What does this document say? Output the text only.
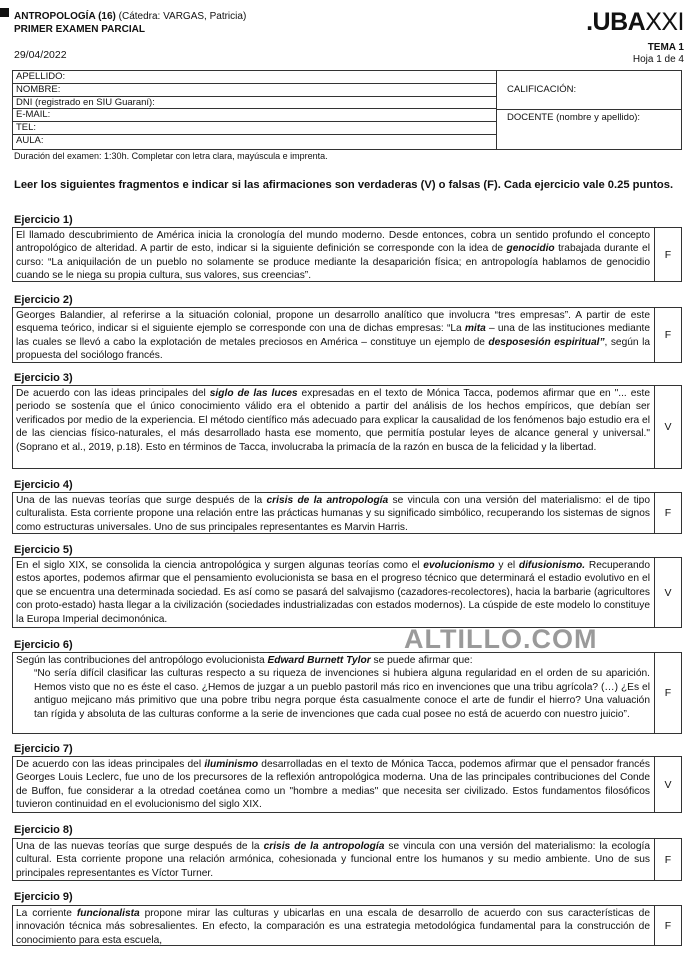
ANTROPOLOGÍA (16) (Cátedra: VARGAS, Patricia)
PRIMER EXAMEN PARCIAL
29/04/2022
.UBAXXI
TEMA 1
Hoja 1 de 4
APELLIDO:
NOMBRE:
DNI (registrado en SIU Guaraní):
E-MAIL:
TEL:
AULA:
CALIFICACIÓN:
DOCENTE (nombre y apellido):
Duración del examen: 1:30h. Completar con letra clara, mayúscula e imprenta.
Leer los siguientes fragmentos e indicar si las afirmaciones son verdaderas (V) o falsas (F). Cada ejercicio vale 0.25 puntos.
Ejercicio 1)
El llamado descubrimiento de América inicia la cronología del mundo moderno. Desde entonces, cobra un sentido profundo el concepto antropológico de alteridad. A partir de esto, indicar si la siguiente definición se corresponde con la idea de genocidio trabajada durante el curso: “La aniquilación de un pueblo no solamente se produce mediante la desaparición física; en antropología hablamos de genocidio cuando se le niega su propia cultura, sus valores, sus creencias”.
F
Ejercicio 2)
Georges Balandier, al referirse a la situación colonial, propone un desarrollo analítico que involucra “tres empresas”. A partir de este esquema teórico, indicar si el siguiente ejemplo se corresponde con una de dichas empresas: “La mita – una de las instituciones mediante las cuales se llevó a cabo la explotación de metales preciosos en América – constituye un ejemplo de desposesión espiritual”, según la propuesta del sociólogo francés.
F
Ejercicio 3)
De acuerdo con las ideas principales del siglo de las luces expresadas en el texto de Mónica Tacca, podemos afirmar que en "... este periodo se sostenía que el único conocimiento válido era el obtenido a partir del análisis de los hechos empíricos, que debían ser verificados por medio de la experiencia. El método científico más adecuado para explicar la causalidad de los fenómenos bajo estudio era el de las ciencias físico-naturales, el más desarrollado hasta ese momento, que permitía postular leyes de alcance general y universal." (Soprano et al., 2019, p.18). Esto en términos de Tacca, involucraba la primacía de la razón en busca de la felicidad y la libertad.
V
Ejercicio 4)
Una de las nuevas teorías que surge después de la crisis de la antropología se vincula con una versión del materialismo: el de tipo culturalista. Esta corriente propone una relación entre las prácticas humanas y su significado simbólico, recuperando los sistemas de signos como estructuras universales. Uno de sus principales representantes es Marvin Harris.
F
Ejercicio 5)
En el siglo XIX, se consolida la ciencia antropológica y surgen algunas teorías como el evolucionismo y el difusionismo. Recuperando estos aportes, podemos afirmar que el pensamiento evolucionista se basa en el progreso técnico que determinará el estadio evolutivo en el que se encuentra una determinada sociedad. Es así como se pasará del salvajismo (cazadores-recolectores), hacia la barbarie (agricultores con proto-estado) hasta llegar a la civilización (sociedades industrializadas con estados modernos). La cúspide de este modelo lo constituye la Europa Imperial decimonónica.
V
Ejercicio 6)
Según las contribuciones del antropólogo evolucionista Edward Burnett Tylor se puede afirmar que:
“No sería difícil clasificar las culturas respecto a su riqueza de invenciones si hubiera alguna regularidad en el orden de su aparición. Hemos visto que no es éste el caso. ¿Hemos de juzgar a un pueblo pastoril más rico en invenciones que una tribu agrícola? (…) ¿Es el antiguo mejicano más primitivo que una pobre tribu negra porque ésta casualmente conoce el arte de fundir el hierro? Una valuación tan rígida y absoluta de las culturas conforme a la serie de invenciones que cada cual posee no está de acuerdo con nuestro juicio”.
F
Ejercicio 7)
De acuerdo con las ideas principales del iluminismo desarrolladas en el texto de Mónica Tacca, podemos afirmar que el pensador francés Georges Louis Leclerc, fue uno de los precursores de la reflexión antropológica moderna. Una de las principales contribuciones del Conde de Buffon, fue considerar a la otredad coetánea como un "hombre a medias" que necesita ser civilizado. Estos fundamentos filosóficos tuvieron continuidad en el evolucionismo del siglo XIX.
V
Ejercicio 8)
Una de las nuevas teorías que surge después de la crisis de la antropología se vincula con una versión del materialismo: la ecología cultural. Esta corriente propone una relación armónica, cohesionada y funcional entre los humanos y su medio ambiente. Uno de sus principales representantes es Víctor Turner.
F
Ejercicio 9)
La corriente funcionalista propone mirar las culturas y ubicarlas en una escala de desarrollo de acuerdo con sus características de innovación técnica más sobresalientes. En efecto, la comparación es una estrategia metodológica fundamental para la construcción de conocimiento para esta escuela,
F
ALTILLO.COM
